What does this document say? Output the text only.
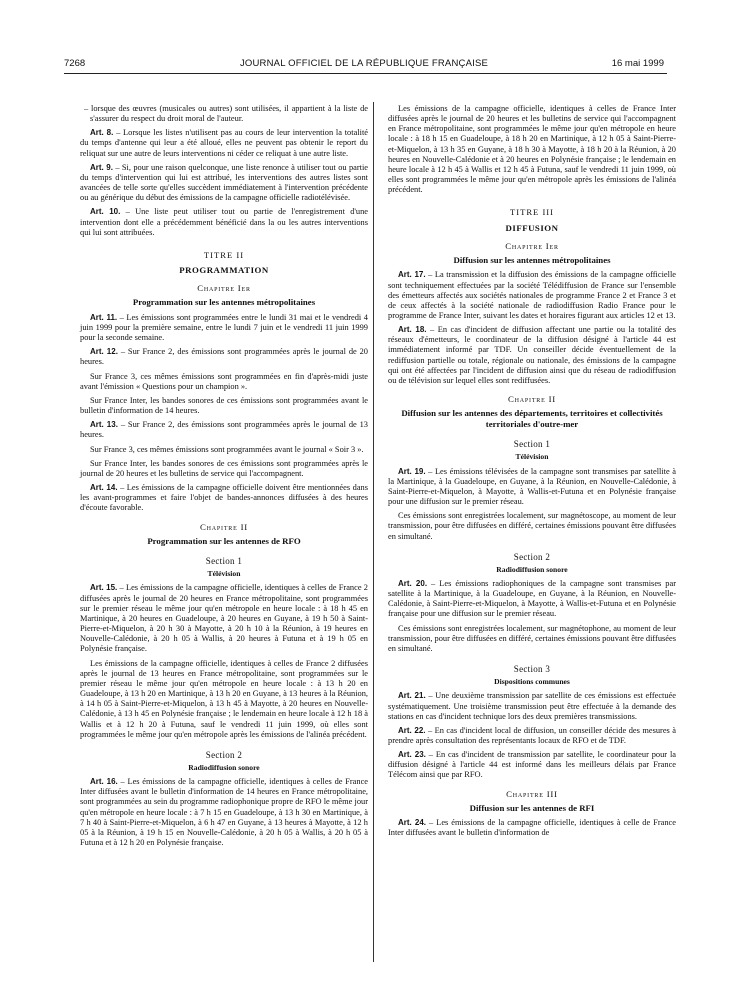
7268	JOURNAL OFFICIEL DE LA RÉPUBLIQUE FRANÇAISE	16 mai 1999

– lorsque des œuvres (musicales ou autres) sont utilisées, il appartient à la liste de s'assurer du respect du droit moral de l'auteur.

Art. 8. – Lorsque les listes n'utilisent pas au cours de leur intervention la totalité du temps d'antenne qui leur a été alloué, elles ne peuvent pas obtenir le report du reliquat sur une autre de leurs interventions ni céder ce reliquat à une autre liste.

Art. 9. – Si, pour une raison quelconque, une liste renonce à utiliser tout ou partie du temps d'intervention qui lui est attribué, les interventions des autres listes sont avancées de telle sorte qu'elles succèdent immédiatement à l'intervention précédente ou au générique du début des émissions de la campagne officielle radiotélévisée.

Art. 10. – Une liste peut utiliser tout ou partie de l'enregistrement d'une intervention dont elle a précédemment bénéficié dans la ou les autres interventions qui lui sont attribuées.

TITRE II
PROGRAMMATION
Chapitre Ier
Programmation sur les antennes métropolitaines

Art. 11. – Les émissions sont programmées entre le lundi 31 mai et le vendredi 4 juin 1999 pour la première semaine, entre le lundi 7 juin et le vendredi 11 juin 1999 pour la seconde semaine.

Art. 12. – Sur France 2, des émissions sont programmées après le journal de 20 heures.

Sur France 3, ces mêmes émissions sont programmées en fin d'après-midi juste avant l'émission « Questions pour un champion ».

Sur France Inter, les bandes sonores de ces émissions sont programmées avant le bulletin d'information de 14 heures.

Art. 13. – Sur France 2, des émissions sont programmées après le journal de 13 heures.

Sur France 3, ces mêmes émissions sont programmées avant le journal « Soir 3 ».

Sur France Inter, les bandes sonores de ces émissions sont programmées après le journal de 20 heures et les bulletins de service qui l'accompagnent.

Art. 14. – Les émissions de la campagne officielle doivent être mentionnées dans les avant-programmes et faire l'objet de bandes-annonces diffusées à des heures d'écoute favorable.

Chapitre II
Programmation sur les antennes de RFO
Section 1
Télévision

Art. 15. – Les émissions de la campagne officielle, identiques à celles de France 2 diffusées après le journal de 20 heures en France métropolitaine, sont programmées sur le premier réseau le même jour qu'en métropole en heure locale : à 18 h 45 en Martinique, à 20 heures en Guadeloupe, à 20 heures en Guyane, à 19 h 50 à Saint-Pierre-et-Miquelon, à 20 h 30 à Mayotte, à 20 h 10 à la Réunion, à 19 heures en Nouvelle-Calédonie, à 20 h 05 à Wallis, à 20 heures à Futuna et à 19 h 05 en Polynésie française.

Les émissions de la campagne officielle, identiques à celles de France 2 diffusées après le journal de 13 heures en France métropolitaine, sont programmées sur le premier réseau le même jour qu'en métropole en heure locale : à 13 h 20 en Guadeloupe, à 13 h 20 en Martinique, à 13 h 20 en Guyane, à 13 heures à la Réunion, à 14 h 05 à Saint-Pierre-et-Miquelon, à 13 h 45 à Mayotte, à 20 heures en Nouvelle-Calédonie, à 13 h 45 en Polynésie française ; le lendemain en heure locale à 12 h 18 à Wallis et à 12 h 20 à Futuna, sauf le vendredi 11 juin 1999, où elles sont programmées le même jour qu'en métropole après les émissions de l'alinéa précédent.

Section 2
Radiodiffusion sonore

Art. 16. – Les émissions de la campagne officielle, identiques à celles de France Inter diffusées avant le bulletin d'information de 14 heures en France métropolitaine, sont programmées au sein du programme radiophonique propre de RFO le même jour qu'en métropole en heure locale : à 7 h 15 en Guadeloupe, à 13 h 30 en Martinique, à 7 h 40 à Saint-Pierre-et-Miquelon, à 6 h 47 en Guyane, à 13 heures à Mayotte, à 12 h 05 à la Réunion, à 19 h 15 en Nouvelle-Calédonie, à 20 h 05 à Wallis, à 20 h 05 à Futuna et à 12 h 20 en Polynésie française.

Les émissions de la campagne officielle, identiques à celles de France Inter diffusées après le journal de 20 heures et les bulletins de service qui l'accompagnent en France métropolitaine, sont programmées le même jour qu'en métropole en heure locale : à 18 h 15 en Guadeloupe, à 18 h 20 en Martinique, à 12 h 05 à Saint-Pierre-et-Miquelon, à 13 h 35 en Guyane, à 18 h 30 à Mayotte, à 18 h 20 à la Réunion, à 20 heures en Nouvelle-Calédonie et à 20 heures en Polynésie française ; le lendemain en heure locale à 12 h 45 à Wallis et 12 h 45 à Futuna, sauf le vendredi 11 juin 1999, où elles sont programmées le même jour qu'en métropole après les émissions de l'alinéa précédent.

TITRE III
DIFFUSION
Chapitre Ier
Diffusion sur les antennes métropolitaines

Art. 17. – La transmission et la diffusion des émissions de la campagne officielle sont techniquement effectuées par la société Télédiffusion de France sur l'ensemble des émetteurs affectés aux sociétés nationales de programme France 2 et France 3 et de ceux affectés à la société nationale de radiodiffusion Radio France pour le programme de France Inter, suivant les dates et horaires figurant aux articles 12 et 13.

Art. 18. – En cas d'incident de diffusion affectant une partie ou la totalité des réseaux d'émetteurs, le coordinateur de la diffusion désigné à l'article 44 est immédiatement informé par TDF. Un conseiller décide éventuellement de la rediffusion partielle ou totale, régionale ou nationale, des émissions de la campagne qui ont été affectées par l'incident de diffusion ainsi que du réseau de radiodiffusion ou de télévision sur lequel elles sont rediffusées.

Chapitre II
Diffusion sur les antennes des départements, territoires et collectivités territoriales d'outre-mer
Section 1
Télévision

Art. 19. – Les émissions télévisées de la campagne sont transmises par satellite à la Martinique, à la Guadeloupe, en Guyane, à la Réunion, en Nouvelle-Calédonie, à Saint-Pierre-et-Miquelon, à Mayotte, à Wallis-et-Futuna et en Polynésie française pour une diffusion sur le premier réseau.

Ces émissions sont enregistrées localement, sur magnétoscope, au moment de leur transmission, pour être diffusées en différé, certaines émissions pouvant être diffusées en simultané.

Section 2
Radiodiffusion sonore

Art. 20. – Les émissions radiophoniques de la campagne sont transmises par satellite à la Martinique, à la Guadeloupe, en Guyane, à la Réunion, en Nouvelle-Calédonie, à Saint-Pierre-et-Miquelon, à Mayotte, à Wallis-et-Futuna et en Polynésie française pour une diffusion sur le premier réseau.

Ces émissions sont enregistrées localement, sur magnétophone, au moment de leur transmission, pour être diffusées en différé, certaines émissions pouvant être diffusées en simultané.

Section 3
Dispositions communes

Art. 21. – Une deuxième transmission par satellite de ces émissions est effectuée systématiquement. Une troisième transmission peut être effectuée à la demande des stations en cas d'incident technique lors des deux premières transmissions.

Art. 22. – En cas d'incident local de diffusion, un conseiller décide des mesures à prendre après consultation des représentants locaux de RFO et de TDF.

Art. 23. – En cas d'incident de transmission par satellite, le coordinateur pour la diffusion désigné à l'article 44 est informé dans les meilleurs délais par France Télécom ainsi que par RFO.

Chapitre III
Diffusion sur les antennes de RFI

Art. 24. – Les émissions de la campagne officielle, identiques à celle de France Inter diffusées avant le bulletin d'information de
